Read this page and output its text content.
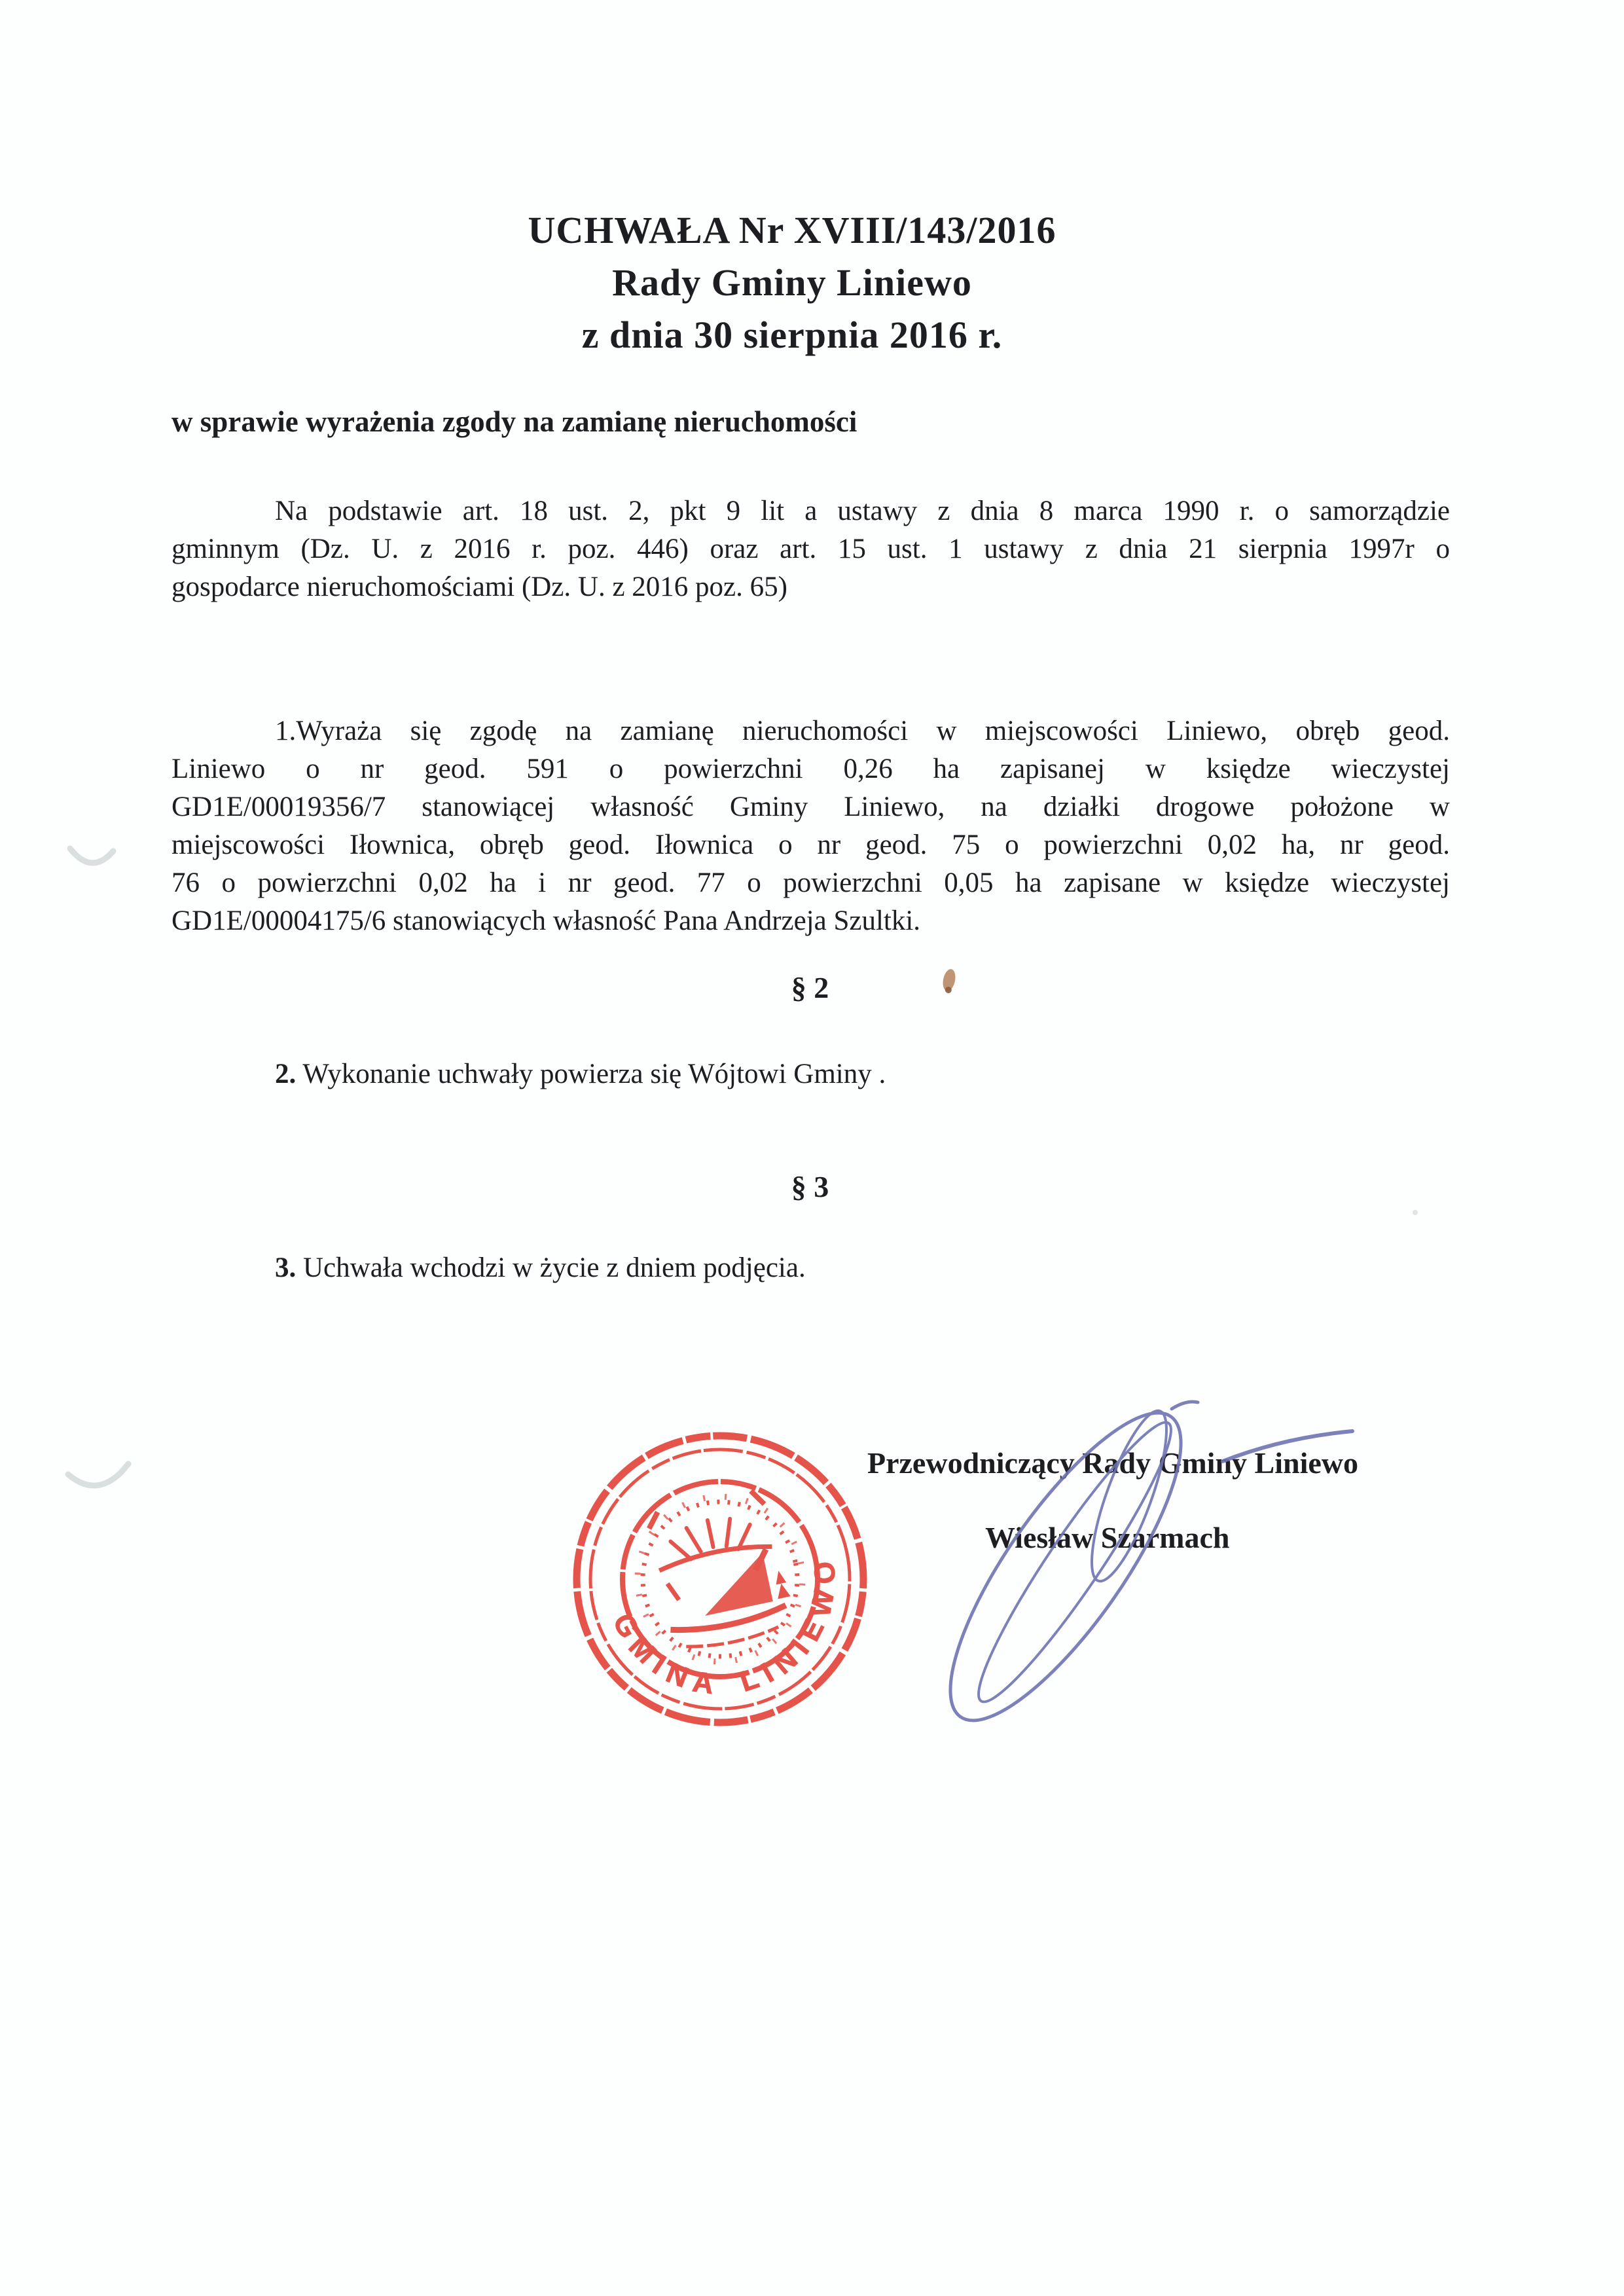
UCHWAŁA Nr XVIII/143/2016
Rady Gminy Liniewo
z dnia 30 sierpnia 2016 r.
w sprawie wyrażenia zgody na zamianę nieruchomości
Na podstawie art. 18 ust. 2, pkt 9 lit a ustawy z dnia 8 marca 1990 r. o samorządzie
gminnym (Dz. U. z 2016 r. poz. 446) oraz art. 15 ust. 1 ustawy z dnia 21 sierpnia 1997r o
gospodarce nieruchomościami (Dz. U. z 2016 poz. 65)
1.Wyraża się zgodę na zamianę nieruchomości w miejscowości Liniewo, obręb geod.
Liniewo o nr geod. 591 o powierzchni 0,26 ha zapisanej w księdze wieczystej
GD1E/00019356/7 stanowiącej własność Gminy Liniewo, na działki drogowe położone w
miejscowości Iłownica, obręb geod. Iłownica o nr geod. 75 o powierzchni 0,02 ha, nr geod.
76 o powierzchni 0,02 ha i nr geod. 77 o powierzchni 0,05 ha zapisane w księdze wieczystej
GD1E/00004175/6 stanowiących własność Pana Andrzeja Szultki.
§ 2
2. Wykonanie uchwały powierza się Wójtowi Gminy .
§ 3
3. Uchwała wchodzi w życie z dniem podjęcia.
Przewodniczący Rady Gminy Liniewo
Wiesław Szarmach
GMINA LINIEWO
